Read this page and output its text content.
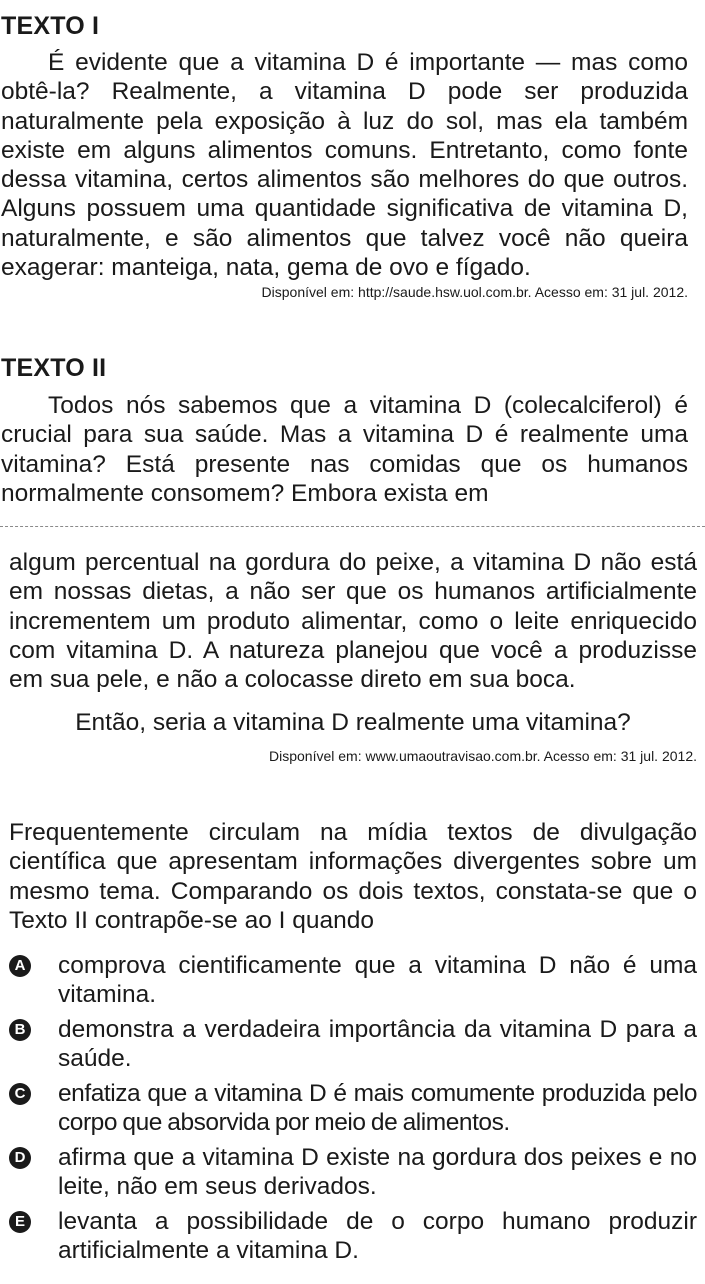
TEXTO I

É evidente que a vitamina D é importante — mas como obtê-la? Realmente, a vitamina D pode ser produzida naturalmente pela exposição à luz do sol, mas ela também existe em alguns alimentos comuns. Entretanto, como fonte dessa vitamina, certos alimentos são melhores do que outros. Alguns possuem uma quantidade significativa de vitamina D, naturalmente, e são alimentos que talvez você não queira exagerar: manteiga, nata, gema de ovo e fígado.

Disponível em: http://saude.hsw.uol.com.br. Acesso em: 31 jul. 2012.

TEXTO II

Todos nós sabemos que a vitamina D (colecalciferol) é crucial para sua saúde. Mas a vitamina D é realmente uma vitamina? Está presente nas comidas que os humanos normalmente consomem? Embora exista em

algum percentual na gordura do peixe, a vitamina D não está em nossas dietas, a não ser que os humanos artificialmente incrementem um produto alimentar, como o leite enriquecido com vitamina D. A natureza planejou que você a produzisse em sua pele, e não a colocasse direto em sua boca.

Então, seria a vitamina D realmente uma vitamina?

Disponível em: www.umaoutravisao.com.br. Acesso em: 31 jul. 2012.

Frequentemente circulam na mídia textos de divulgação científica que apresentam informações divergentes sobre um mesmo tema. Comparando os dois textos, constata-se que o Texto II contrapõe-se ao I quando

A comprova cientificamente que a vitamina D não é uma vitamina.

B demonstra a verdadeira importância da vitamina D para a saúde.

C enfatiza que a vitamina D é mais comumente produzida pelo corpo que absorvida por meio de alimentos.

D afirma que a vitamina D existe na gordura dos peixes e no leite, não em seus derivados.

E levanta a possibilidade de o corpo humano produzir artificialmente a vitamina D.
